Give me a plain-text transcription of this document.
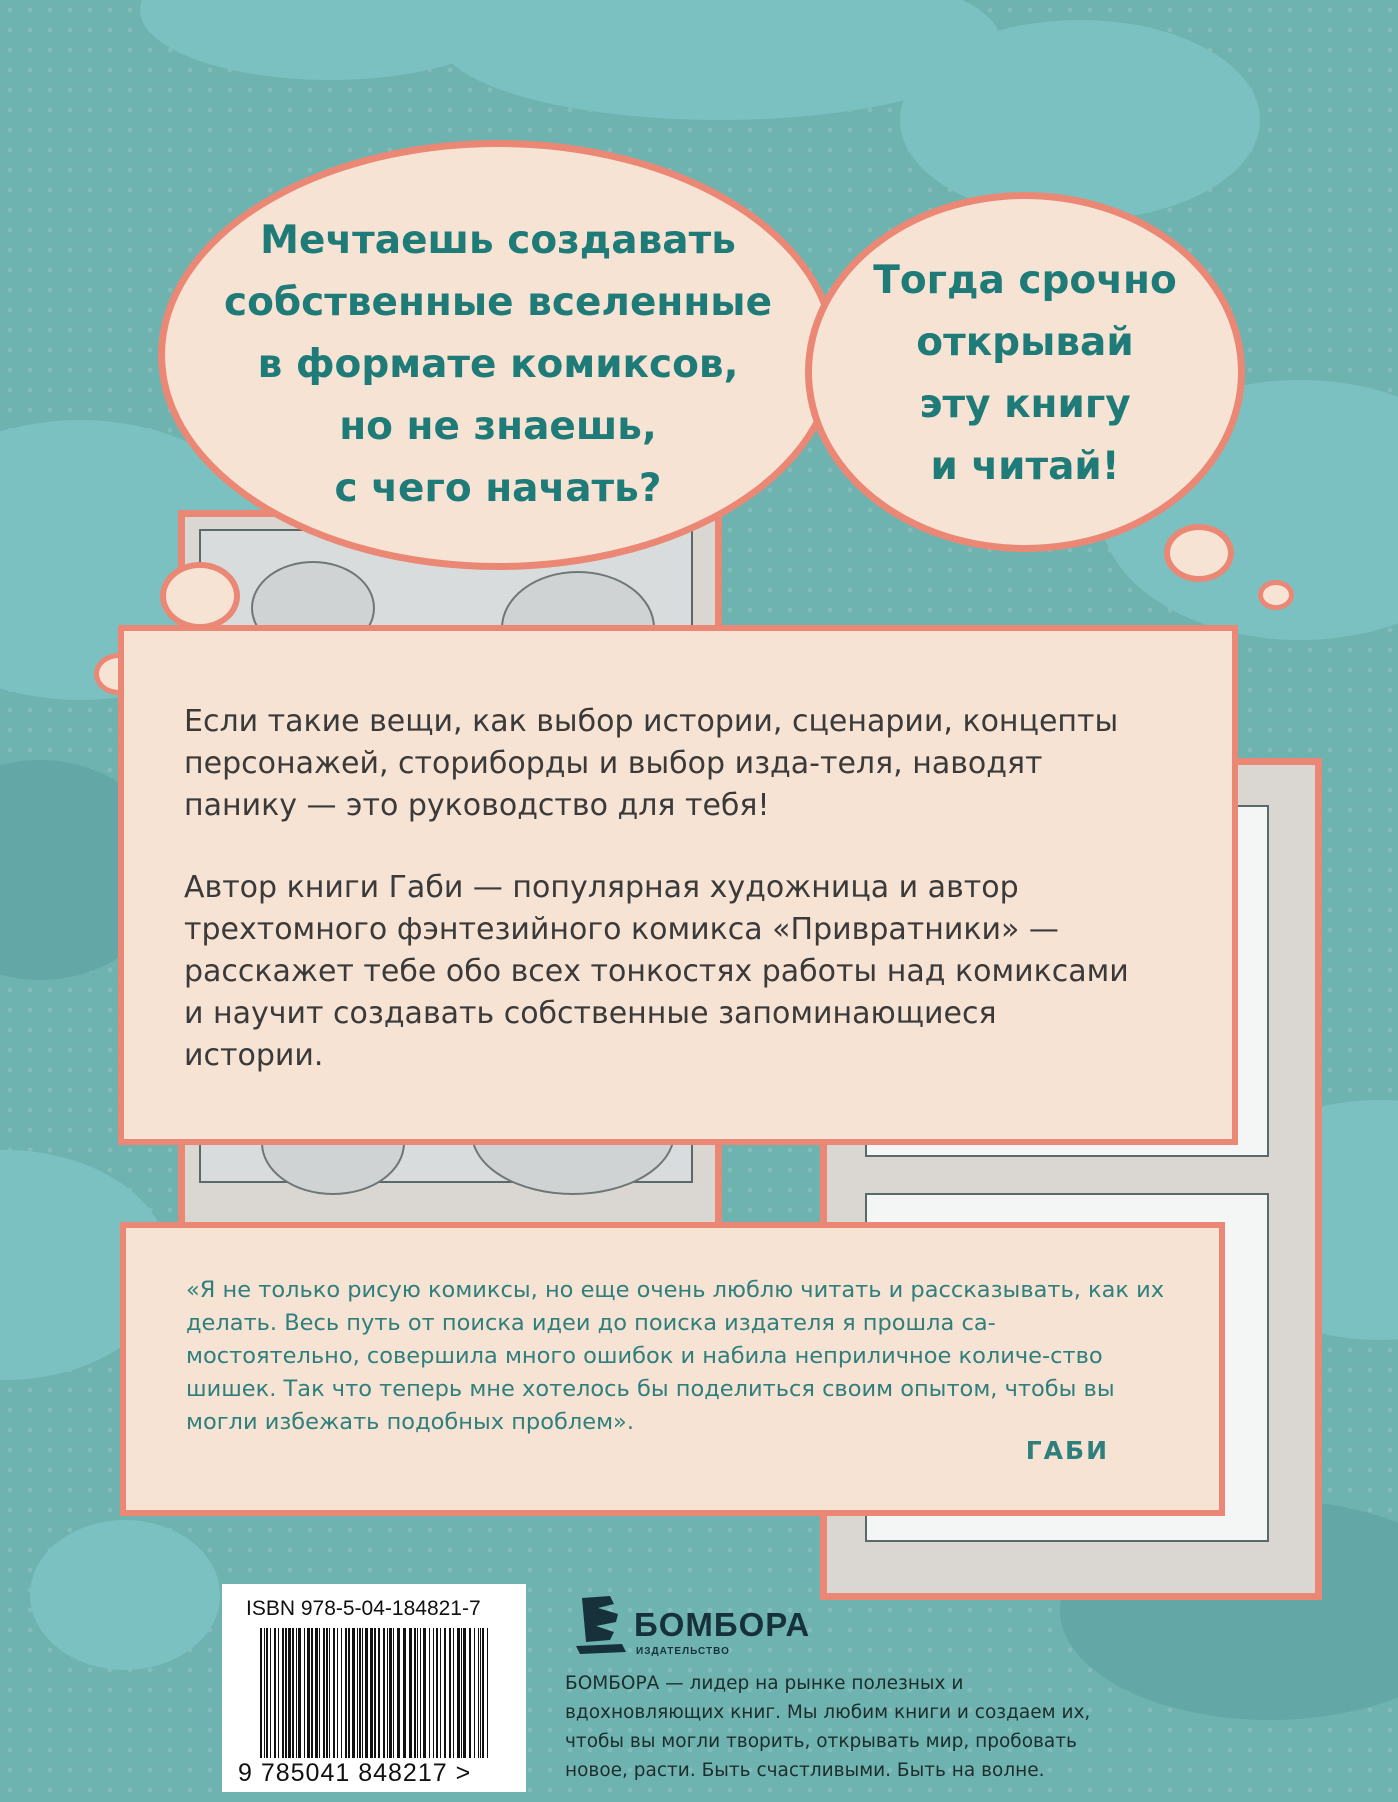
Мечтаешь создавать
собственные вселенные
в формате комиксов,
но не знаешь,
с чего начать?
Тогда срочно
открывай
эту книгу
и читай!

Если такие вещи, как выбор истории, сценарии, концепты персонажей, сториборды и выбор изда-теля, наводят панику — это руководство для тебя!

Автор книги Габи — популярная художница и автор трехтомного фэнтезийного комикса «Привратники» — расскажет тебе обо всех тонкостях работы над комиксами и научит создавать собственные запоминающиеся истории.

«Я не только рисую комиксы, но еще очень люблю читать и рассказывать, как их делать. Весь путь от поиска идеи до поиска издателя я прошла са-мостоятельно, совершила много ошибок и набила неприличное количе-ство шишек. Так что теперь мне хотелось бы поделиться своим опытом, чтобы вы могли избежать подобных проблем».

ГАБИ
ISBN 978-5-04-184821-7
9 785041 848217 >
БОМБОРА
ИЗДАТЕЛЬСТВО

БОМБОРА — лидер на рынке полезных и вдохновляющих книг. Мы любим книги и создаем их, чтобы вы могли творить, открывать мир, пробовать новое, расти. Быть счастливыми. Быть на волне.
